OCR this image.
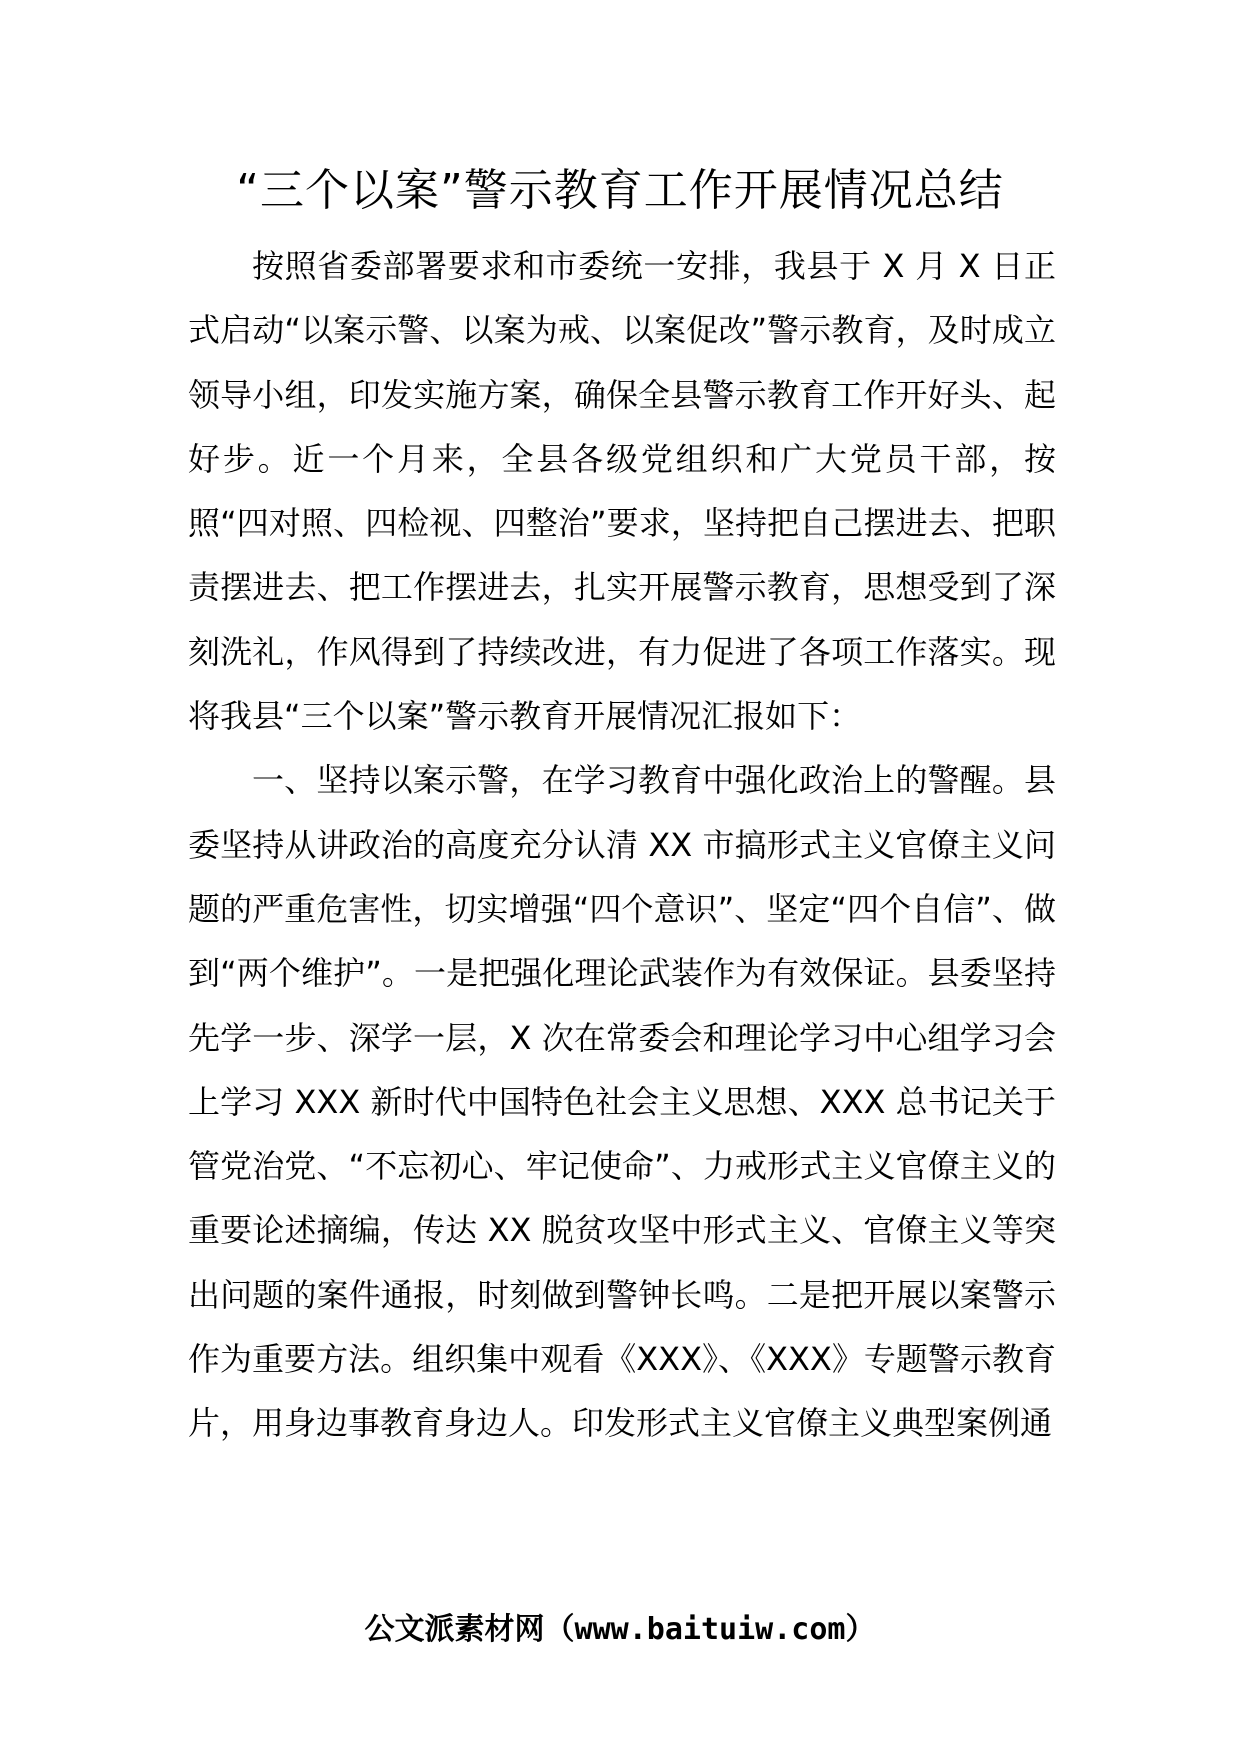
“三个以案”警示教育工作开展情况总结

按照省委部署要求和市委统一安排，我县于 X 月 X 日正式启动“以案示警、以案为戒、以案促改”警示教育，及时成立领导小组，印发实施方案，确保全县警示教育工作开好头、起好步。近一个月来，全县各级党组织和广大党员干部，按照“四对照、四检视、四整治”要求，坚持把自己摆进去、把职责摆进去、把工作摆进去，扎实开展警示教育，思想受到了深刻洗礼，作风得到了持续改进，有力促进了各项工作落实。现将我县“三个以案”警示教育开展情况汇报如下：

一、坚持以案示警，在学习教育中强化政治上的警醒。县委坚持从讲政治的高度充分认清 XX 市搞形式主义官僚主义问题的严重危害性，切实增强“四个意识”、坚定“四个自信”、做到“两个维护”。一是把强化理论武装作为有效保证。县委坚持先学一步、深学一层，X 次在常委会和理论学习中心组学习会上学习 XXX 新时代中国特色社会主义思想、XXX 总书记关于管党治党、“不忘初心、牢记使命”、力戒形式主义官僚主义的重要论述摘编，传达 XX 脱贫攻坚中形式主义、官僚主义等突出问题的案件通报，时刻做到警钟长鸣。二是把开展以案警示作为重要方法。组织集中观看《XXX》、《XXX》专题警示教育片，用身边事教育身边人。印发形式主义官僚主义典型案例通

公文派素材网（www.baituiw.com）
